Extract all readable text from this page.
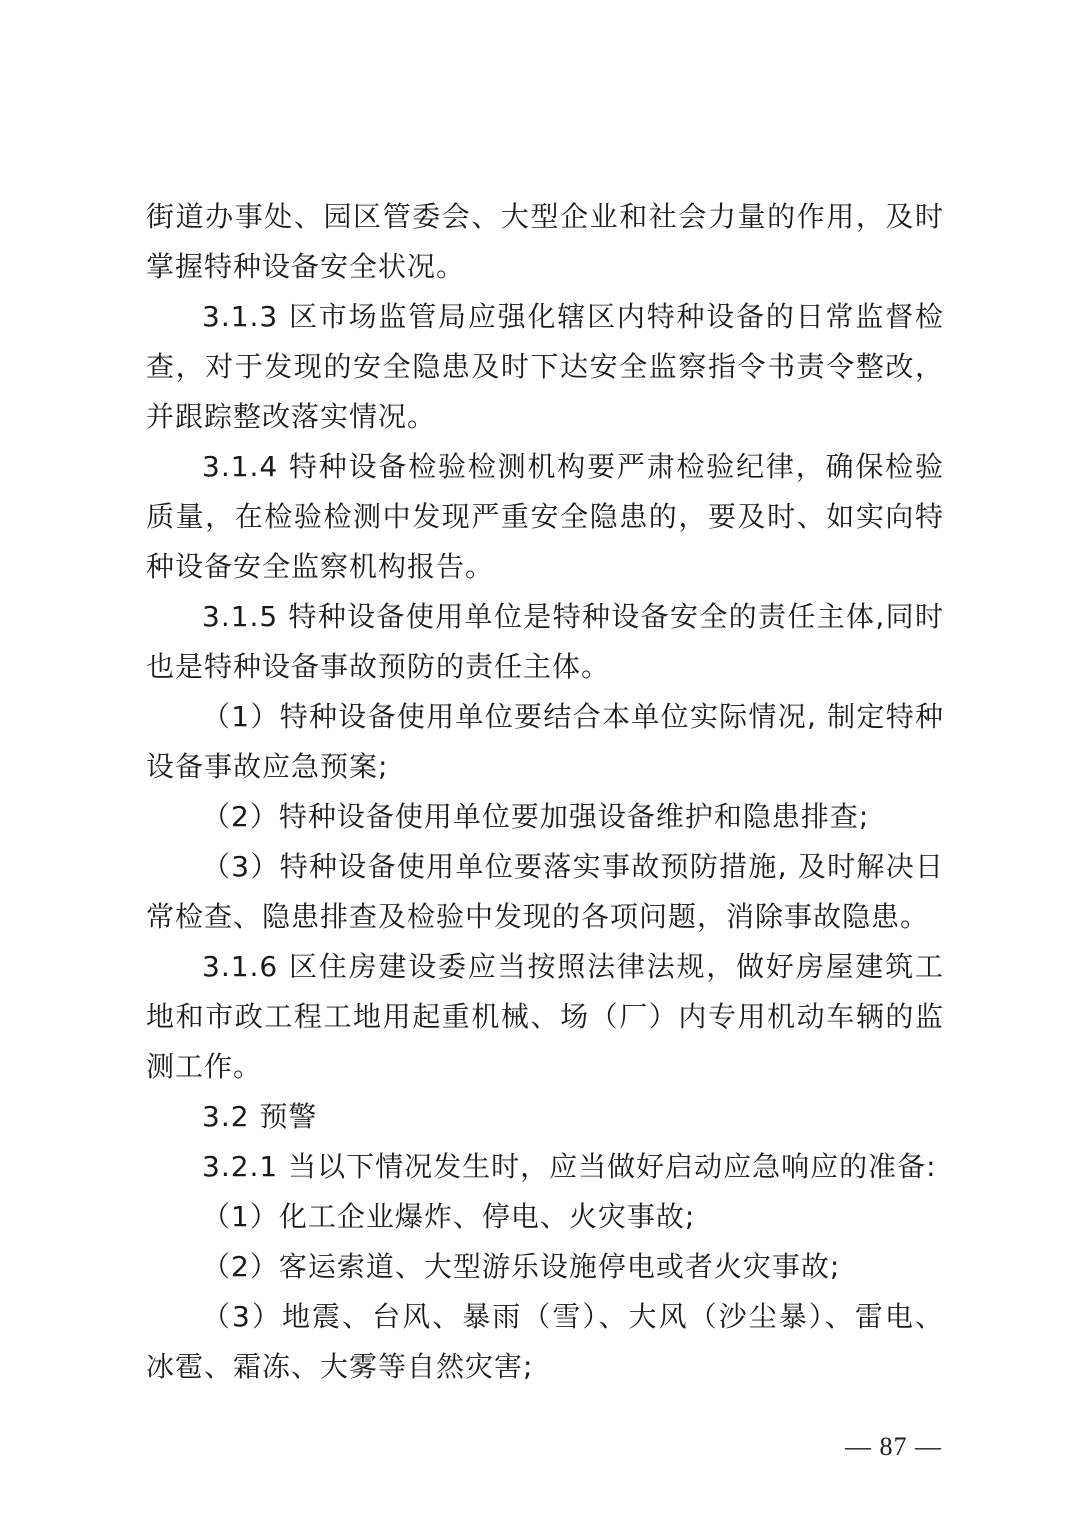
街道办事处、园区管委会、大型企业和社会力量的作用，及时掌握特种设备安全状况。

3.1.3 区市场监管局应强化辖区内特种设备的日常监督检查，对于发现的安全隐患及时下达安全监察指令书责令整改，并跟踪整改落实情况。

3.1.4 特种设备检验检测机构要严肃检验纪律，确保检验质量，在检验检测中发现严重安全隐患的，要及时、如实向特种设备安全监察机构报告。

3.1.5 特种设备使用单位是特种设备安全的责任主体,同时也是特种设备事故预防的责任主体。

（1）特种设备使用单位要结合本单位实际情况, 制定特种设备事故应急预案;

（2）特种设备使用单位要加强设备维护和隐患排查;

（3）特种设备使用单位要落实事故预防措施, 及时解决日常检查、隐患排查及检验中发现的各项问题，消除事故隐患。

3.1.6 区住房建设委应当按照法律法规，做好房屋建筑工地和市政工程工地用起重机械、场（厂）内专用机动车辆的监测工作。

3.2 预警

3.2.1 当以下情况发生时，应当做好启动应急响应的准备:

（1）化工企业爆炸、停电、火灾事故;

（2）客运索道、大型游乐设施停电或者火灾事故;

（3）地震、台风、暴雨（雪）、大风（沙尘暴）、雷电、冰雹、霜冻、大雾等自然灾害;

— 87 —
